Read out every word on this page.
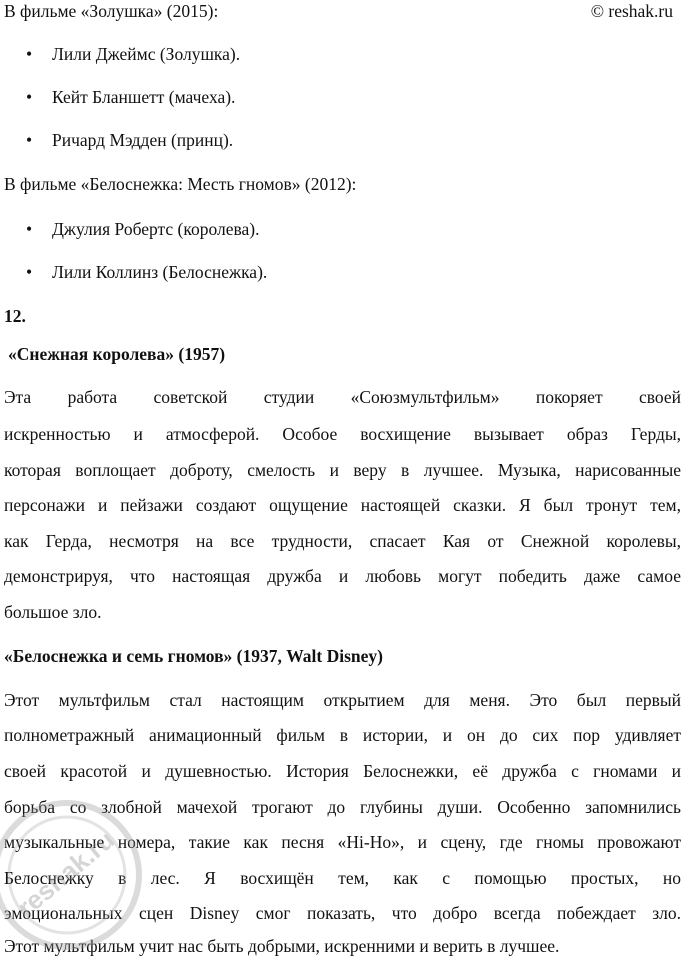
© reshak.ru
В фильме «Золушка» (2015):
• Лили Джеймс (Золушка).
• Кейт Бланшетт (мачеха).
• Ричард Мэдден (принц).
В фильме «Белоснежка: Месть гномов» (2012):
• Джулия Робертс (королева).
• Лили Коллинз (Белоснежка).
12.
«Снежная королева» (1957)
Эта работа советской студии «Союзмультфильм» покоряет своей
искренностью и атмосферой. Особое восхищение вызывает образ Герды,
которая воплощает доброту, смелость и веру в лучшее. Музыка, нарисованные
персонажи и пейзажи создают ощущение настоящей сказки. Я был тронут тем,
как Герда, несмотря на все трудности, спасает Кая от Снежной королевы,
демонстрируя, что настоящая дружба и любовь могут победить даже самое
большое зло.
«Белоснежка и семь гномов» (1937, Walt Disney)
Этот мультфильм стал настоящим открытием для меня. Это был первый
полнометражный анимационный фильм в истории, и он до сих пор удивляет
своей красотой и душевностью. История Белоснежки, её дружба с гномами и
борьба со злобной мачехой трогают до глубины души. Особенно запомнились
музыкальные номера, такие как песня «Hi-Ho», и сцену, где гномы провожают
Белоснежку в лес. Я восхищён тем, как с помощью простых, но
эмоциональных сцен Disney смог показать, что добро всегда побеждает зло.
Этот мультфильм учит нас быть добрыми, искренними и верить в лучшее.
reshak.ru
